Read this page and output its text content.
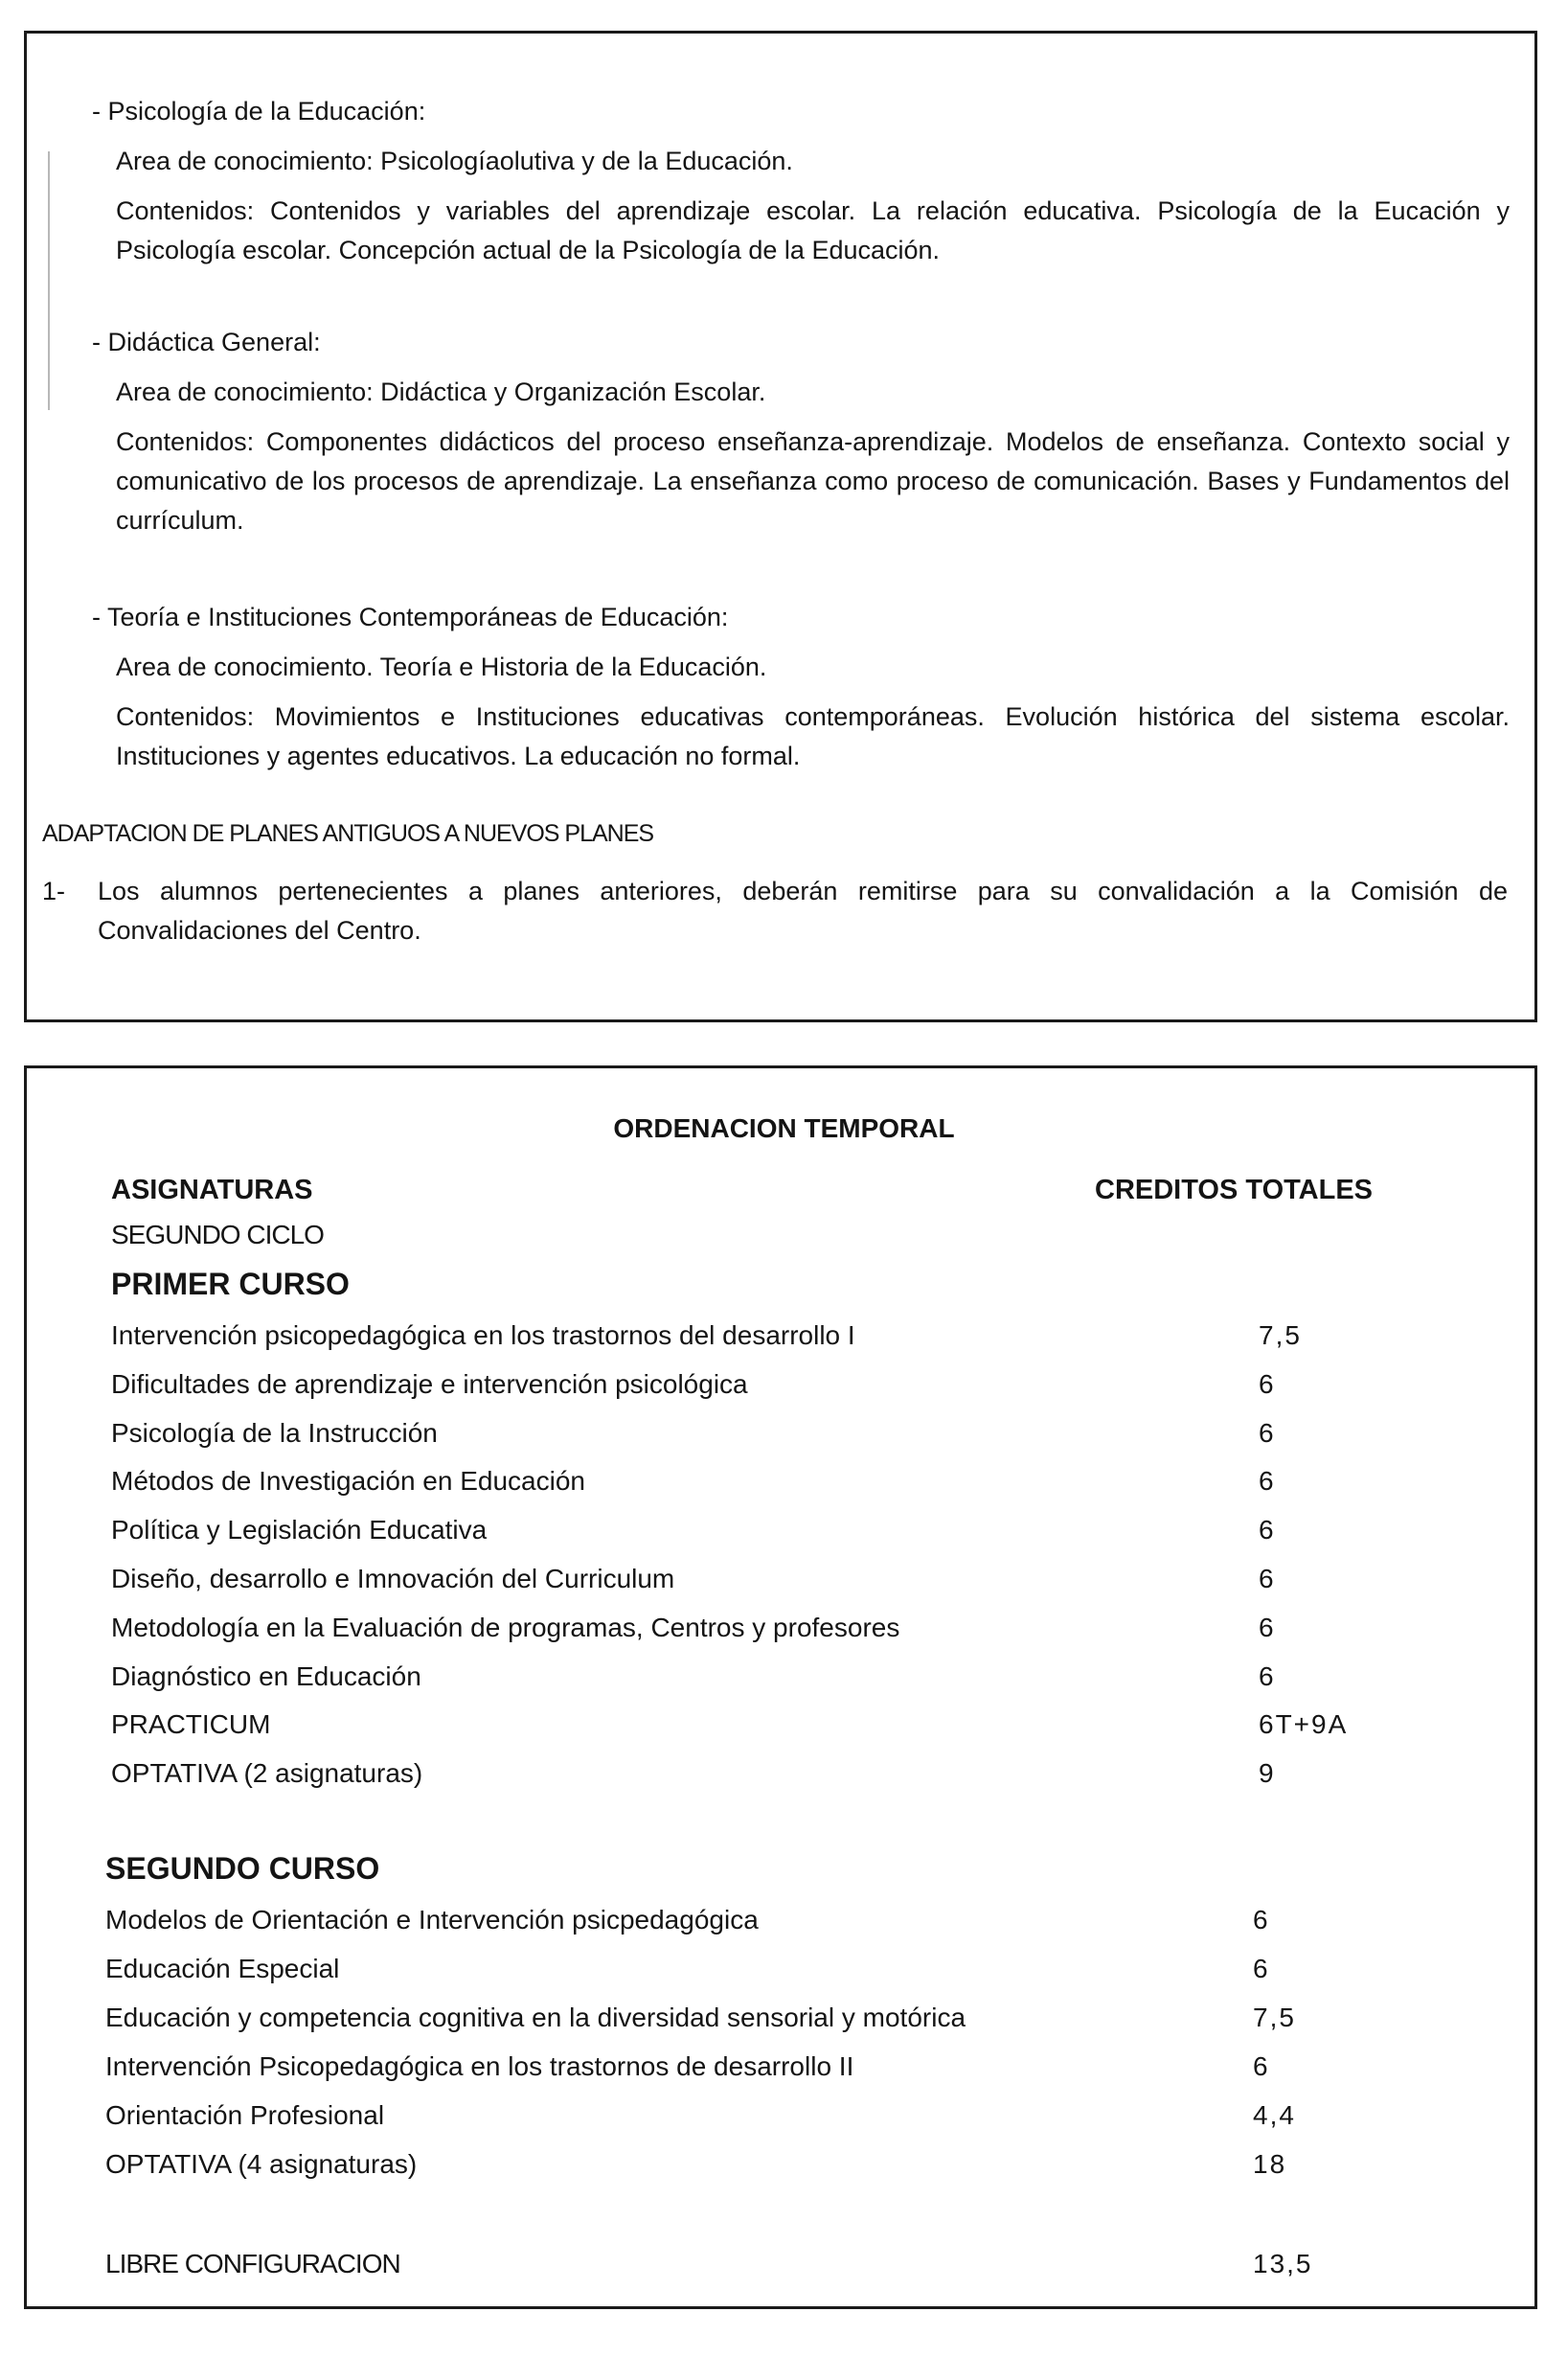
- Psicología de la Educación:
Area de conocimiento: Psicologíaolutiva y de la Educación.
Contenidos: Contenidos y variables del aprendizaje escolar. La relación educativa. Psicología de la Eucación y Psicología escolar. Concepción actual de la Psicología de la Educación.
- Didáctica General:
Area de conocimiento: Didáctica y Organización Escolar.
Contenidos: Componentes didácticos del proceso enseñanza-aprendizaje. Modelos de enseñanza. Contexto social y comunicativo de los procesos de aprendizaje. La enseñanza como proceso de comunicación. Bases y Fundamentos del currículum.
- Teoría e Instituciones Contemporáneas de Educación:
Area de conocimiento. Teoría e Historia de la Educación.
Contenidos: Movimientos e Instituciones educativas contemporáneas. Evolución histórica del sistema escolar. Instituciones y agentes educativos. La educación no formal.
ADAPTACION DE PLANES ANTIGUOS A NUEVOS PLANES
1- Los alumnos pertenecientes a planes anteriores, deberán remitirse para su convalidación a la Comisión de Convalidaciones del Centro.
ORDENACION TEMPORAL
ASIGNATURAS	CREDITOS TOTALES
SEGUNDO CICLO
PRIMER CURSO
Intervención psicopedagógica en los trastornos del desarrollo I	7,5
Dificultades de aprendizaje e intervención psicológica	6
Psicología de la Instrucción	6
Métodos de Investigación en Educación	6
Política y Legislación Educativa	6
Diseño, desarrollo e Imnovación del Curriculum	6
Metodología en la Evaluación de programas, Centros y profesores	6
Diagnóstico en Educación	6
PRACTICUM	6T+9A
OPTATIVA (2 asignaturas)	9
SEGUNDO CURSO
Modelos de Orientación e Intervención psicpedagógica	6
Educación Especial	6
Educación y competencia cognitiva en la diversidad sensorial y motórica	7,5
Intervención Psicopedagógica en los trastornos de desarrollo II	6
Orientación Profesional	4,4
OPTATIVA (4 asignaturas)	18
LIBRE CONFIGURACION	13,5
